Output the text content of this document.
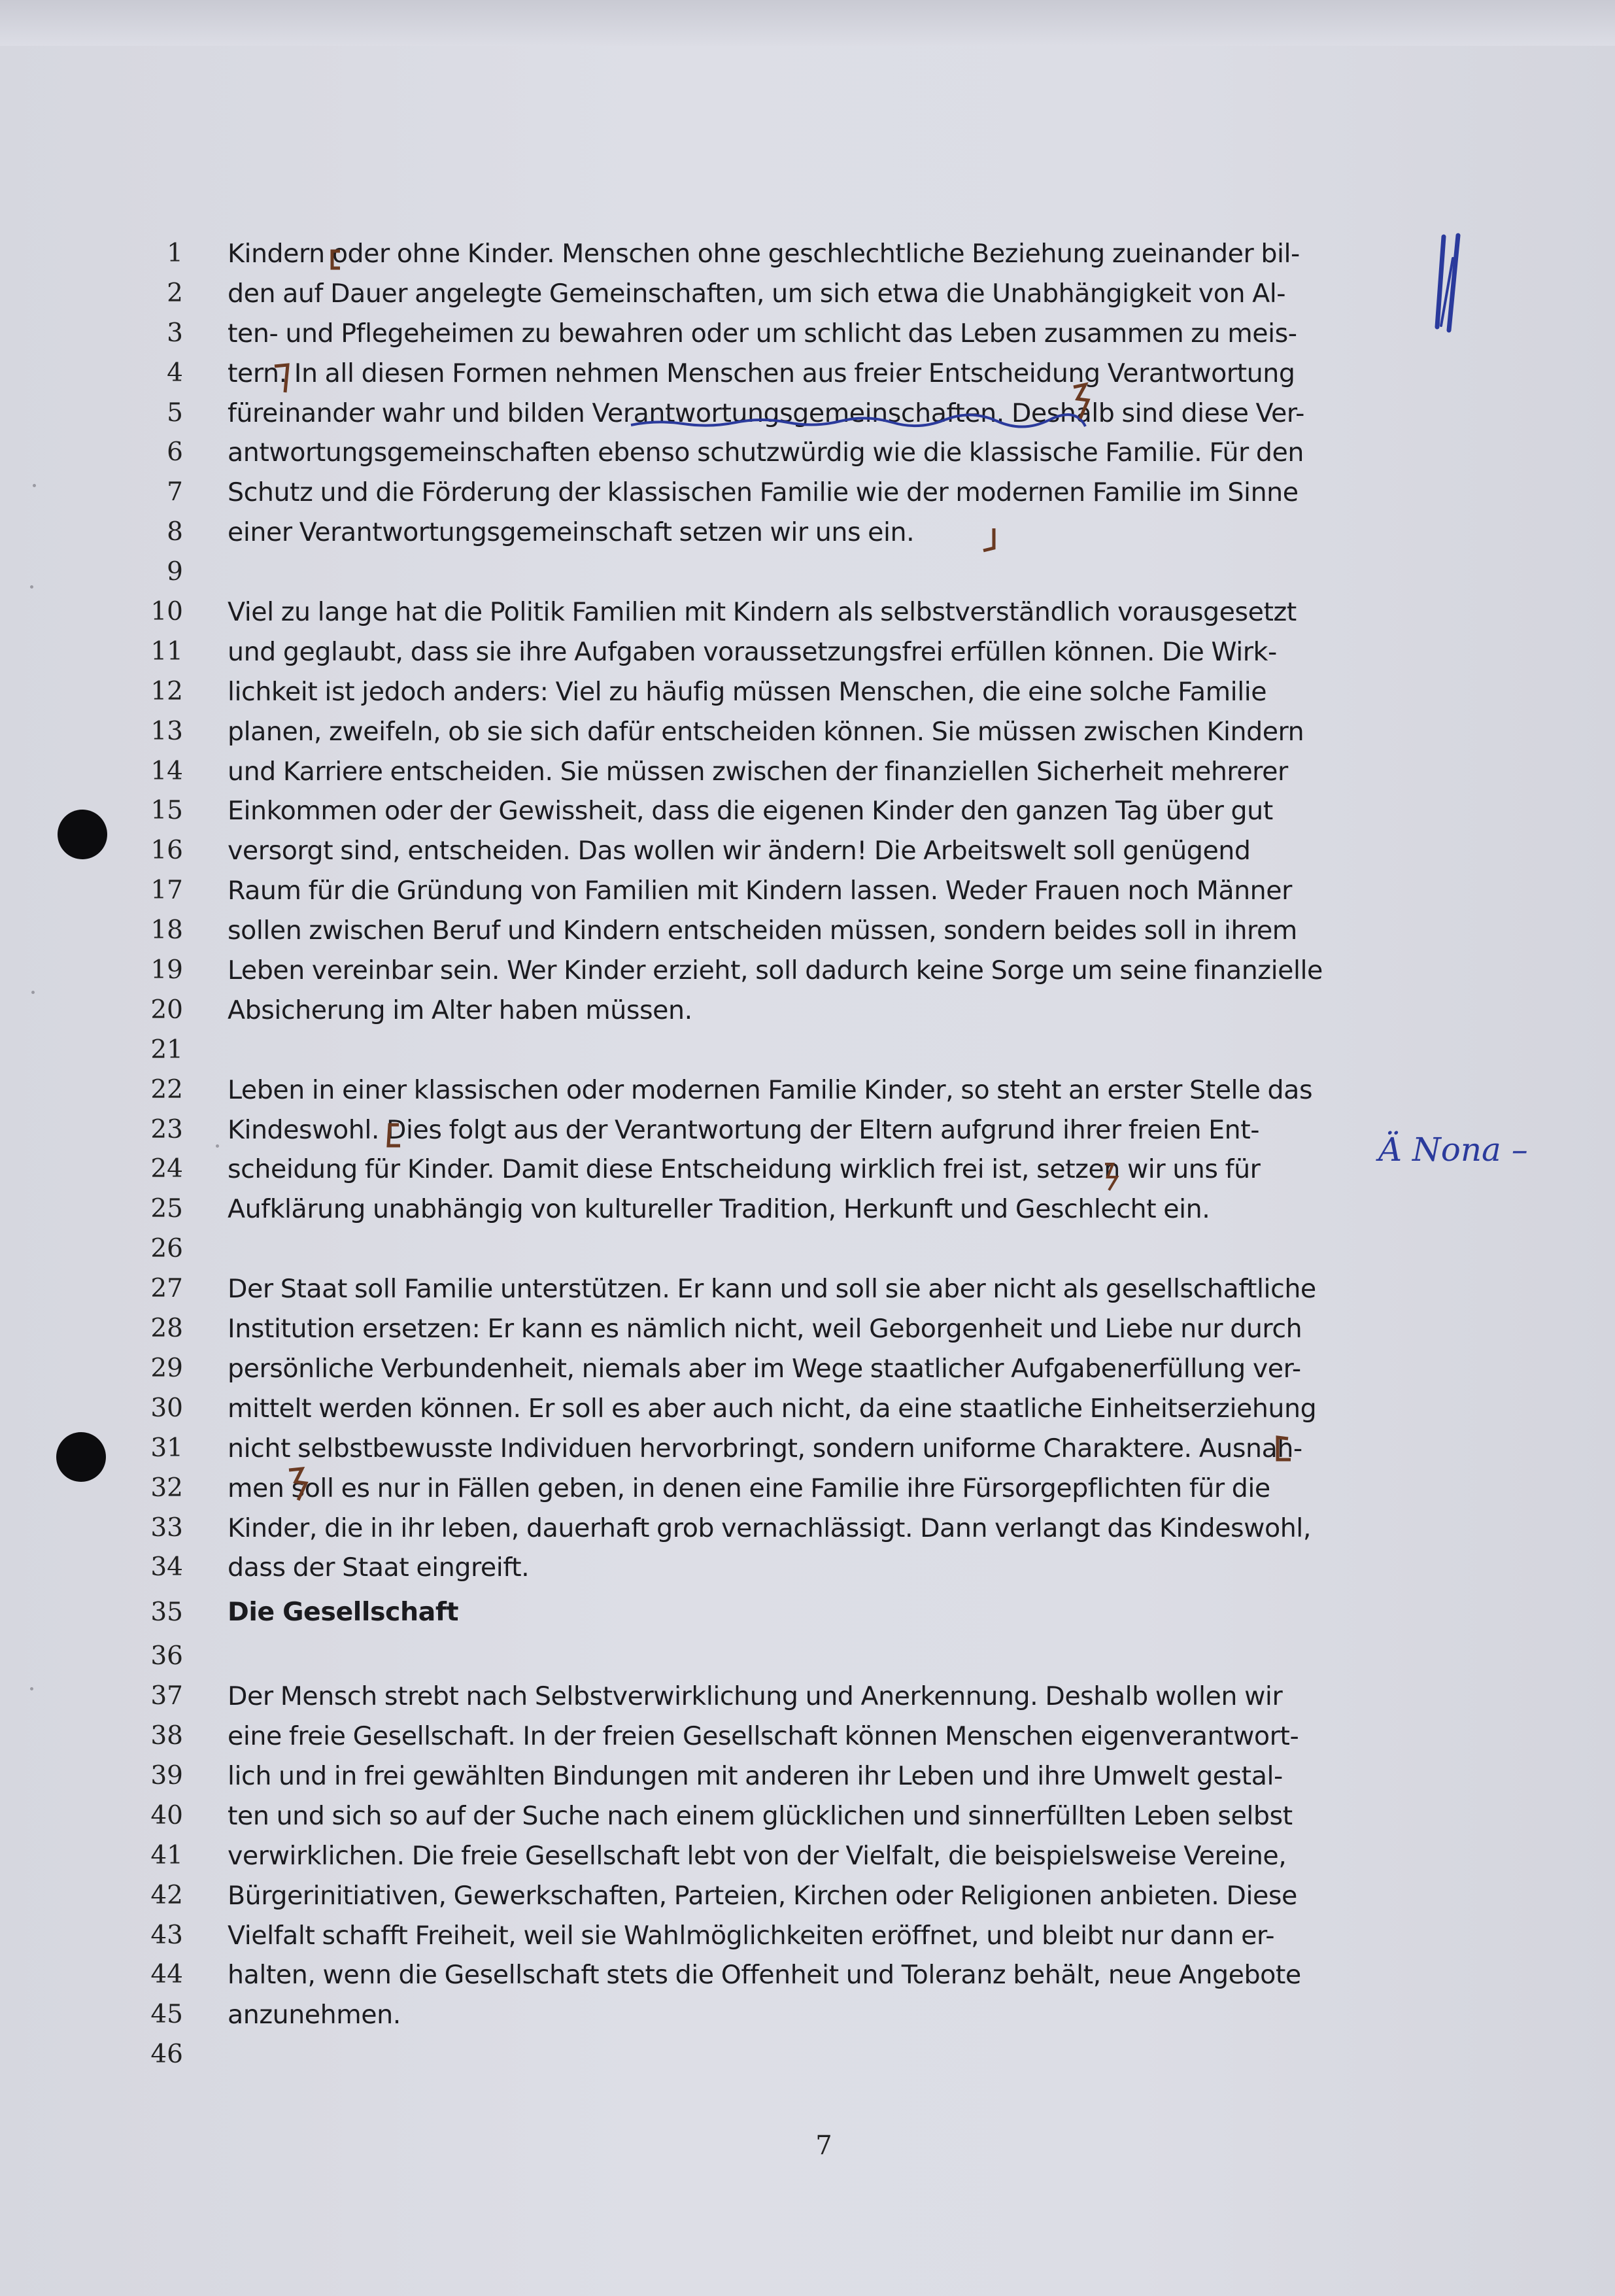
1 Kindern oder ohne Kinder. Menschen ohne geschlechtliche Beziehung zueinander bil-
2 den auf Dauer angelegte Gemeinschaften, um sich etwa die Unabhängigkeit von Al-
3 ten- und Pflegeheimen zu bewahren oder um schlicht das Leben zusammen zu meis-
4 tern. In all diesen Formen nehmen Menschen aus freier Entscheidung Verantwortung
5 füreinander wahr und bilden Verantwortungsgemeinschaften. Deshalb sind diese Ver-
6 antwortungsgemeinschaften ebenso schutzwürdig wie die klassische Familie. Für den
7 Schutz und die Förderung der klassischen Familie wie der modernen Familie im Sinne
8 einer Verantwortungsgemeinschaft setzen wir uns ein.
9
10 Viel zu lange hat die Politik Familien mit Kindern als selbstverständlich vorausgesetzt
11 und geglaubt, dass sie ihre Aufgaben voraussetzungsfrei erfüllen können. Die Wirk-
12 lichkeit ist jedoch anders: Viel zu häufig müssen Menschen, die eine solche Familie
13 planen, zweifeln, ob sie sich dafür entscheiden können. Sie müssen zwischen Kindern
14 und Karriere entscheiden. Sie müssen zwischen der finanziellen Sicherheit mehrerer
15 Einkommen oder der Gewissheit, dass die eigenen Kinder den ganzen Tag über gut
16 versorgt sind, entscheiden. Das wollen wir ändern! Die Arbeitswelt soll genügend
17 Raum für die Gründung von Familien mit Kindern lassen. Weder Frauen noch Männer
18 sollen zwischen Beruf und Kindern entscheiden müssen, sondern beides soll in ihrem
19 Leben vereinbar sein. Wer Kinder erzieht, soll dadurch keine Sorge um seine finanzielle
20 Absicherung im Alter haben müssen.
21
22 Leben in einer klassischen oder modernen Familie Kinder, so steht an erster Stelle das
23 Kindeswohl. Dies folgt aus der Verantwortung der Eltern aufgrund ihrer freien Ent-
24 scheidung für Kinder. Damit diese Entscheidung wirklich frei ist, setzen wir uns für
25 Aufklärung unabhängig von kultureller Tradition, Herkunft und Geschlecht ein.
26
27 Der Staat soll Familie unterstützen. Er kann und soll sie aber nicht als gesellschaftliche
28 Institution ersetzen: Er kann es nämlich nicht, weil Geborgenheit und Liebe nur durch
29 persönliche Verbundenheit, niemals aber im Wege staatlicher Aufgabenerfüllung ver-
30 mittelt werden können. Er soll es aber auch nicht, da eine staatliche Einheitserziehung
31 nicht selbstbewusste Individuen hervorbringt, sondern uniforme Charaktere. Ausnah-
32 men soll es nur in Fällen geben, in denen eine Familie ihre Fürsorgepflichten für die
33 Kinder, die in ihr leben, dauerhaft grob vernachlässigt. Dann verlangt das Kindeswohl,
34 dass der Staat eingreift.
35 Die Gesellschaft
36
37 Der Mensch strebt nach Selbstverwirklichung und Anerkennung. Deshalb wollen wir
38 eine freie Gesellschaft. In der freien Gesellschaft können Menschen eigenverantwort-
39 lich und in frei gewählten Bindungen mit anderen ihr Leben und ihre Umwelt gestal-
40 ten und sich so auf der Suche nach einem glücklichen und sinnerfüllten Leben selbst
41 verwirklichen. Die freie Gesellschaft lebt von der Vielfalt, die beispielsweise Vereine,
42 Bürgerinitiativen, Gewerkschaften, Parteien, Kirchen oder Religionen anbieten. Diese
43 Vielfalt schafft Freiheit, weil sie Wahlmöglichkeiten eröffnet, und bleibt nur dann er-
44 halten, wenn die Gesellschaft stets die Offenheit und Toleranz behält, neue Angebote
45 anzunehmen.
46
7
Ä Nona –
